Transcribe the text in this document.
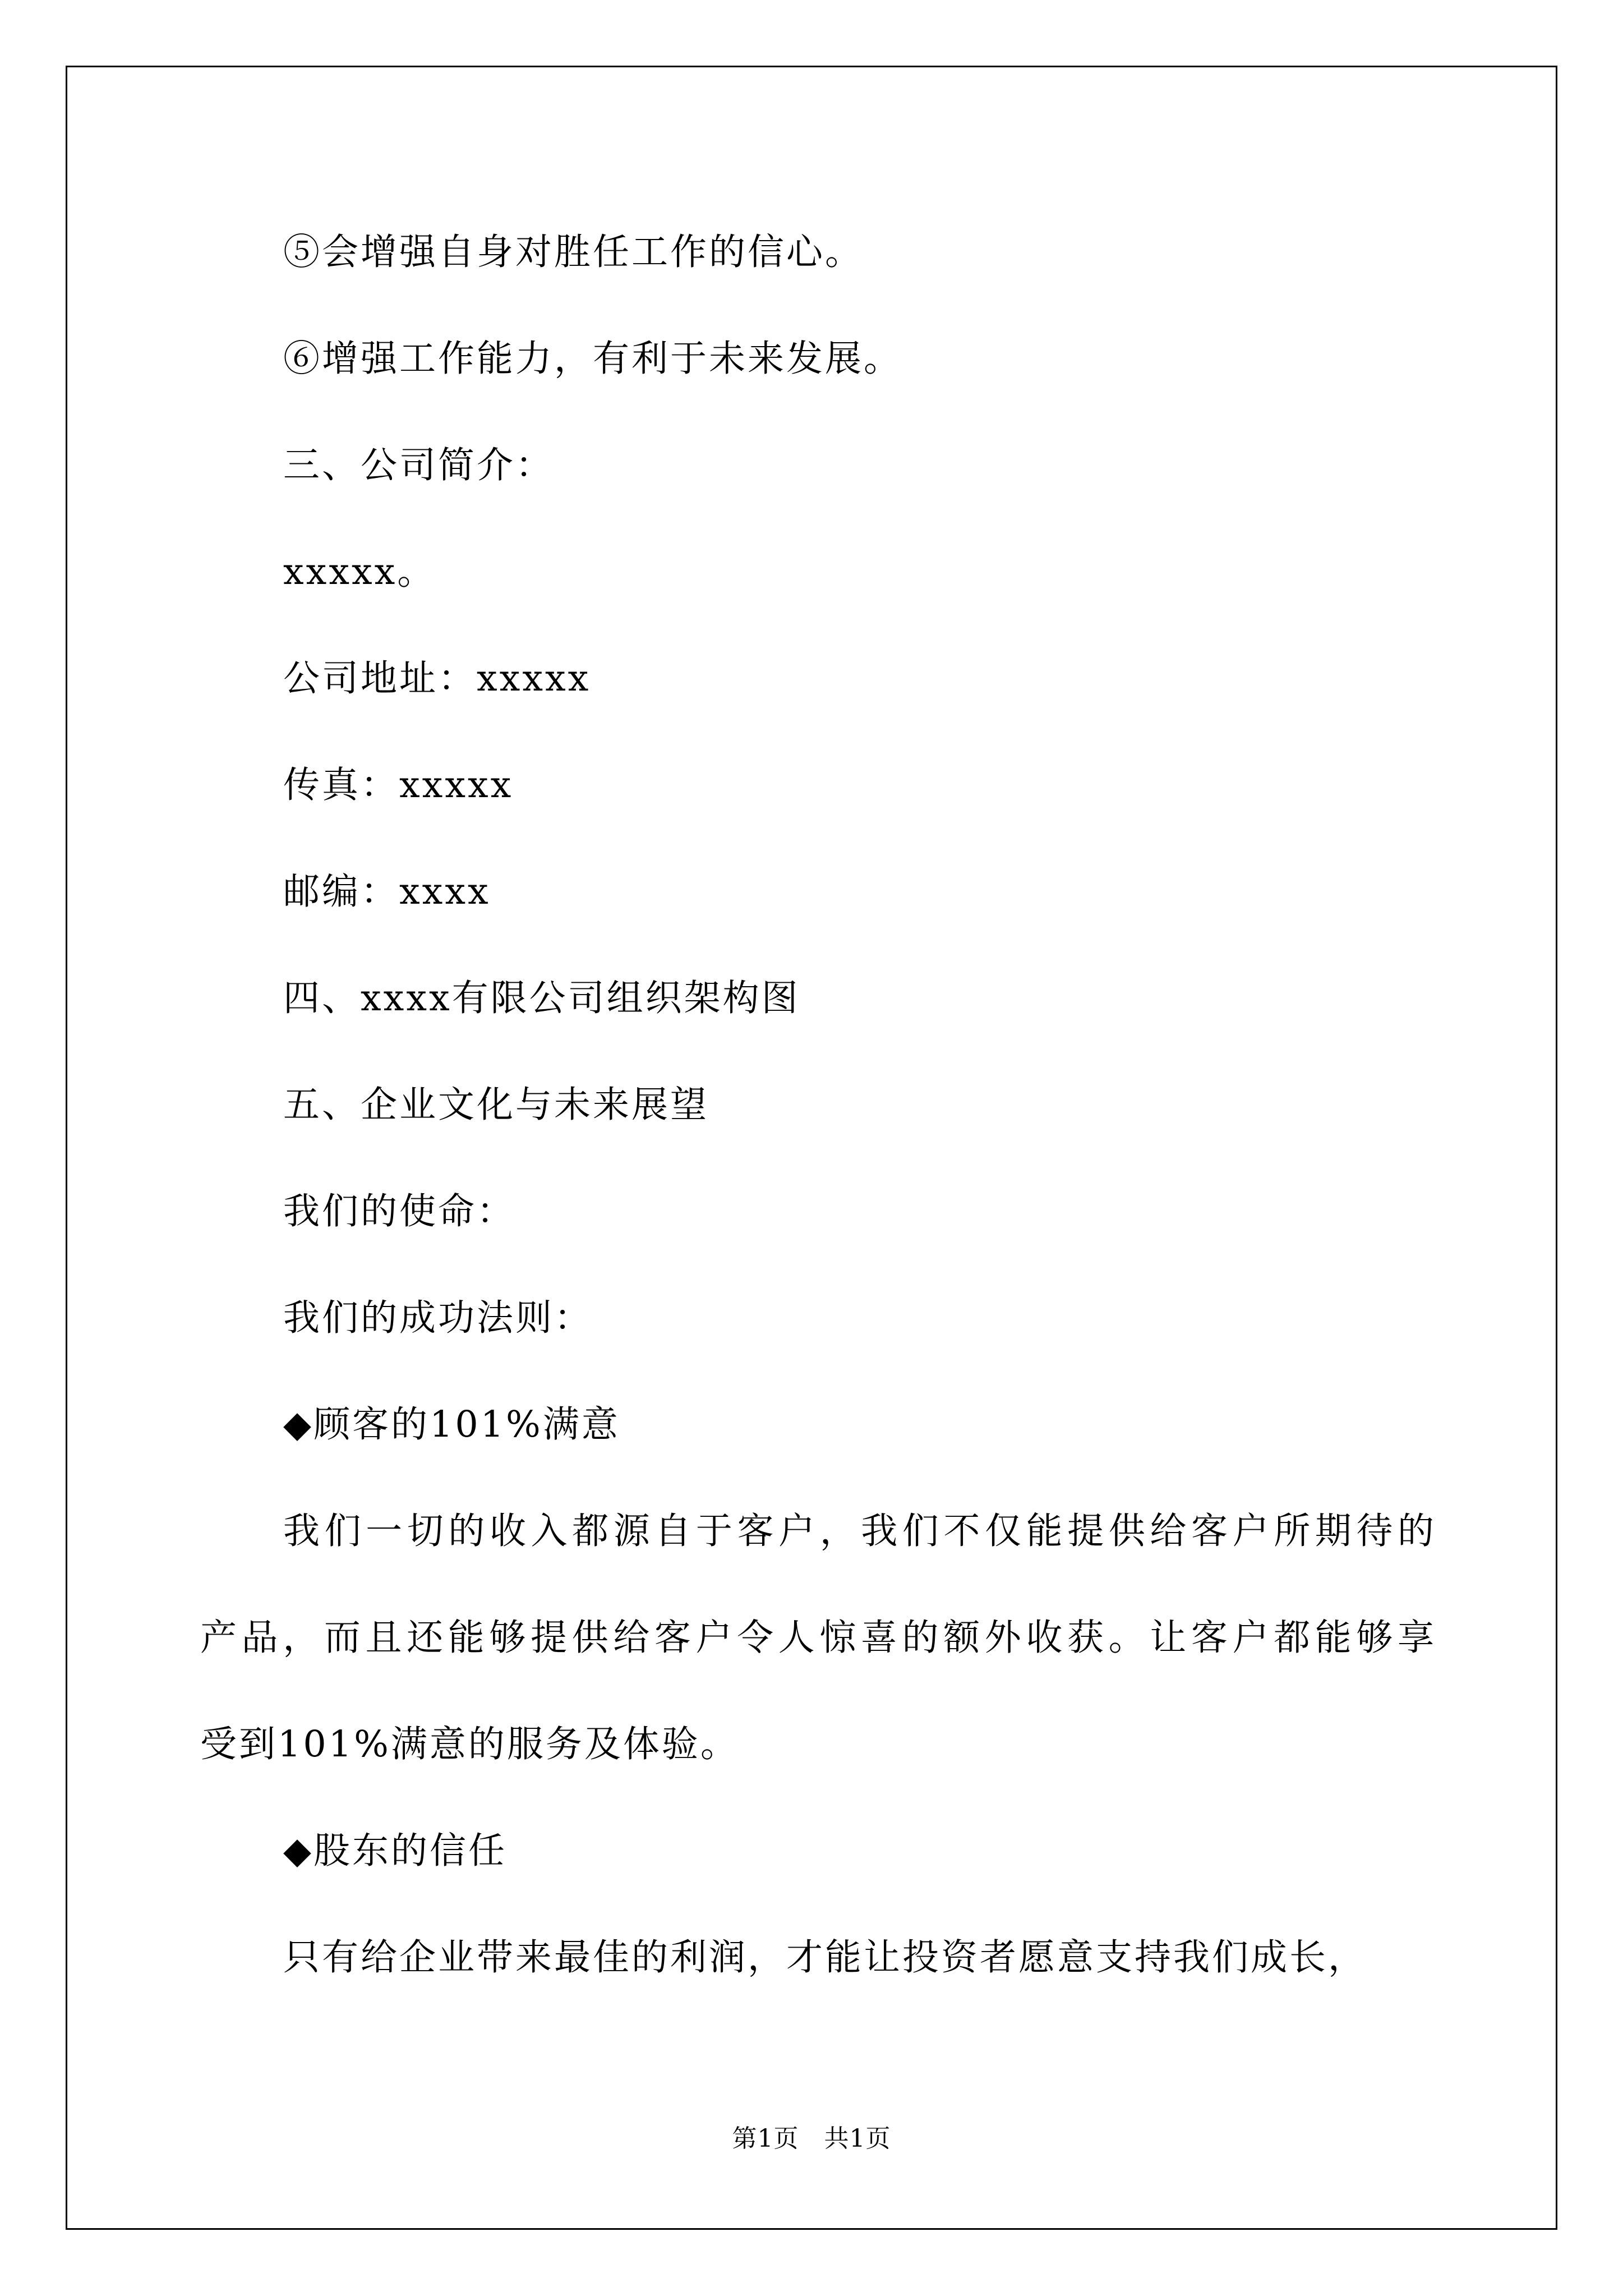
⑤会增强自身对胜任工作的信心。
⑥增强工作能力，有利于未来发展。
三、公司简介：
xxxxx。
公司地址：xxxxx
传真：xxxxx
邮编：xxxx
四、xxxx有限公司组织架构图
五、企业文化与未来展望
我们的使命：
我们的成功法则：
◆顾客的101%满意
我们一切的收入都源自于客户，我们不仅能提供给客户所期待的
产品，而且还能够提供给客户令人惊喜的额外收获。让客户都能够享
受到101%满意的服务及体验。
◆股东的信任
只有给企业带来最佳的利润，才能让投资者愿意支持我们成长，
第1页　共1页
